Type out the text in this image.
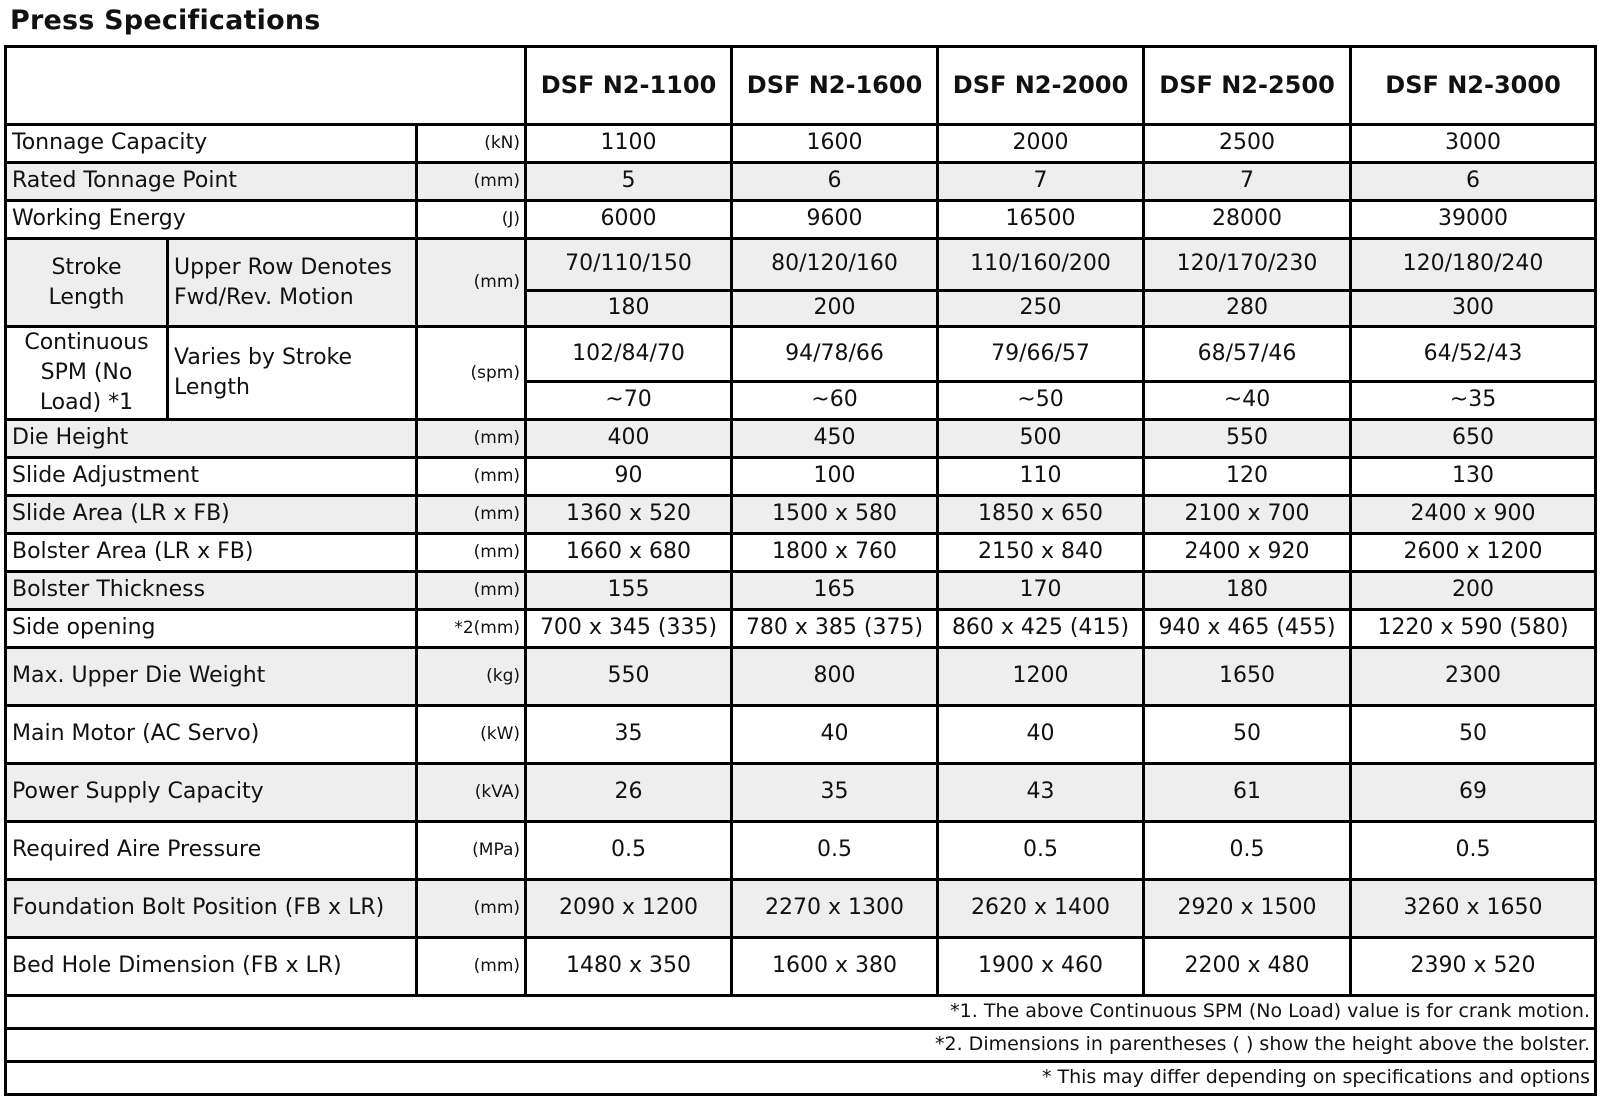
Press Specifications
			DSF N2-1100	DSF N2-1600	DSF N2-2000	DSF N2-2500	DSF N2-3000
Tonnage Capacity		(kN)	1100	1600	2000	2500	3000
Rated Tonnage Point		(mm)	5	6	7	7	6
Working Energy		(J)	6000	9600	16500	28000	39000
Stroke Length	Upper Row Denotes Fwd/Rev. Motion	(mm)	70/110/150	80/120/160	110/160/200	120/170/230	120/180/240
			180	200	250	280	300
Continuous SPM (No Load) *1	Varies by Stroke Length	(spm)	102/84/70	94/78/66	79/66/57	68/57/46	64/52/43
			~70	~60	~50	~40	~35
Die Height		(mm)	400	450	500	550	650
Slide Adjustment		(mm)	90	100	110	120	130
Slide Area (LR x FB)		(mm)	1360 x 520	1500 x 580	1850 x 650	2100 x 700	2400 x 900
Bolster Area (LR x FB)		(mm)	1660 x 680	1800 x 760	2150 x 840	2400 x 920	2600 x 1200
Bolster Thickness		(mm)	155	165	170	180	200
Side opening		*2(mm)	700 x 345 (335)	780 x 385 (375)	860 x 425 (415)	940 x 465 (455)	1220 x 590 (580)
Max. Upper Die Weight		(kg)	550	800	1200	1650	2300
Main Motor (AC Servo)		(kW)	35	40	40	50	50
Power Supply Capacity		(kVA)	26	35	43	61	69
Required Aire Pressure		(MPa)	0.5	0.5	0.5	0.5	0.5
Foundation Bolt Position (FB x LR)		(mm)	2090 x 1200	2270 x 1300	2620 x 1400	2920 x 1500	3260 x 1650
Bed Hole Dimension (FB x LR)		(mm)	1480 x 350	1600 x 380	1900 x 460	2200 x 480	2390 x 520
*1. The above Continuous SPM (No Load) value is for crank motion.							
*2. Dimensions in parentheses ( ) show the height above the bolster.							
* This may differ depending on specifications and options							
